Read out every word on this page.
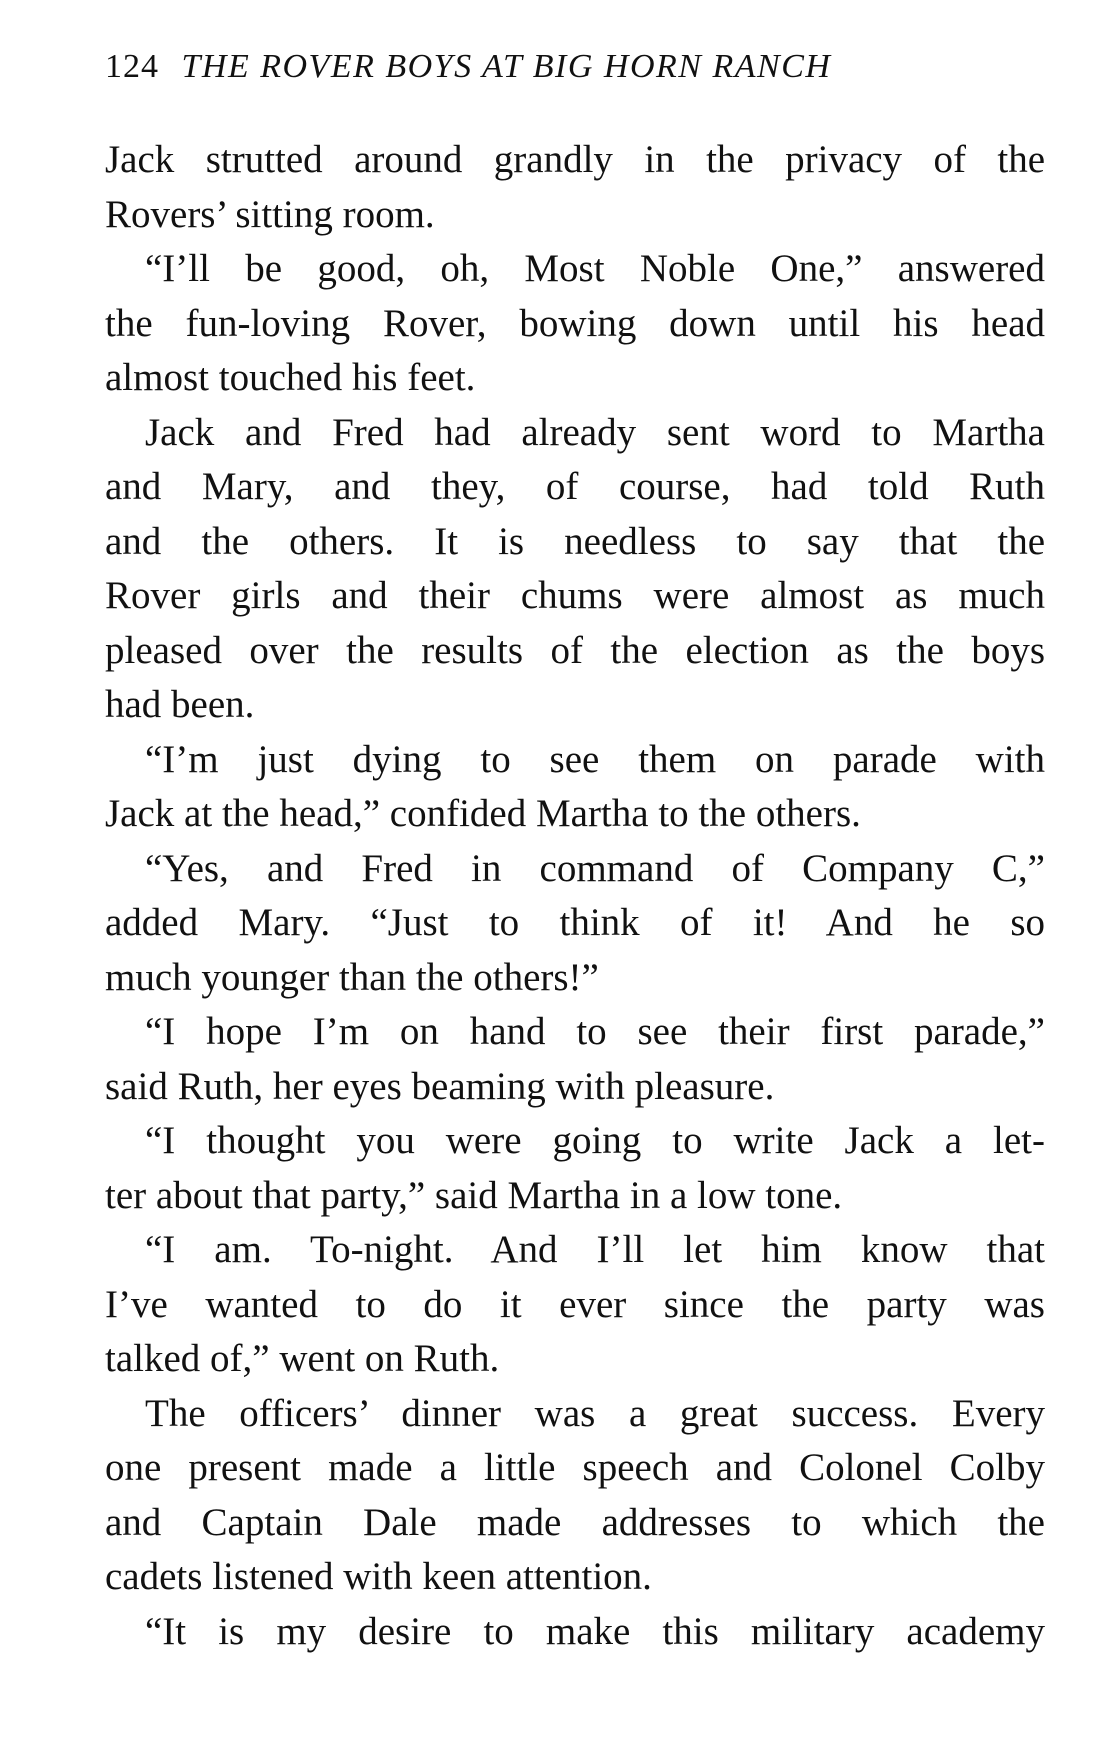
124 THE ROVER BOYS AT BIG HORN RANCH
Jack strutted around grandly in the privacy of the
Rovers’ sitting room.
“I’ll be good, oh, Most Noble One,” answered
the fun-loving Rover, bowing down until his head
almost touched his feet.
Jack and Fred had already sent word to Martha
and Mary, and they, of course, had told Ruth
and the others. It is needless to say that the
Rover girls and their chums were almost as much
pleased over the results of the election as the boys
had been.
“I’m just dying to see them on parade with
Jack at the head,” confided Martha to the others.
“Yes, and Fred in command of Company C,”
added Mary. “Just to think of it! And he so
much younger than the others!”
“I hope I’m on hand to see their first parade,”
said Ruth, her eyes beaming with pleasure.
“I thought you were going to write Jack a let-
ter about that party,” said Martha in a low tone.
“I am. To-night. And I’ll let him know that
I’ve wanted to do it ever since the party was
talked of,” went on Ruth.
The officers’ dinner was a great success. Every
one present made a little speech and Colonel Colby
and Captain Dale made addresses to which the
cadets listened with keen attention.
“It is my desire to make this military academy
